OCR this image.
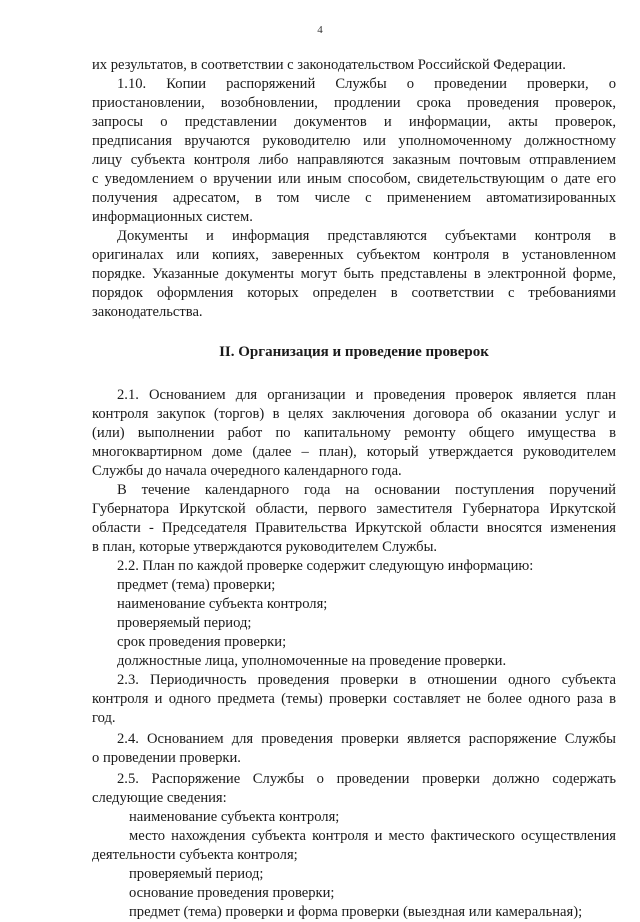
4
их результатов, в соответствии с законодательством Российской Федерации.
1.10. Копии распоряжений Службы о проведении проверки, о
приостановлении, возобновлении, продлении срока проведения проверок,
запросы о представлении документов и информации, акты проверок,
предписания вручаются руководителю или уполномоченному должностному
лицу субъекта контроля либо направляются заказным почтовым отправлением
с уведомлением о вручении или иным способом, свидетельствующим о дате его
получения адресатом, в том числе с применением автоматизированных
информационных систем.
Документы и информация представляются субъектами контроля в
оригиналах или копиях, заверенных субъектом контроля в установленном
порядке. Указанные документы могут быть представлены в электронной форме,
порядок оформления которых определен в соответствии с требованиями
законодательства.
II. Организация и проведение проверок
2.1. Основанием для организации и проведения проверок является план
контроля закупок (торгов) в целях заключения договора об оказании услуг и
(или) выполнении работ по капитальному ремонту общего имущества в
многоквартирном доме (далее – план), который утверждается руководителем
Службы до начала очередного календарного года.
В течение календарного года на основании поступления поручений
Губернатора Иркутской области, первого заместителя Губернатора Иркутской
области - Председателя Правительства Иркутской области вносятся изменения
в план, которые утверждаются руководителем Службы.
2.2. План по каждой проверке содержит следующую информацию:
предмет (тема) проверки;
наименование субъекта контроля;
проверяемый период;
срок проведения проверки;
должностные лица, уполномоченные на проведение проверки.
2.3. Периодичность проведения проверки в отношении одного субъекта
контроля и одного предмета (темы) проверки составляет не более одного раза в
год.
2.4. Основанием для проведения проверки является распоряжение Службы
о проведении проверки.
2.5. Распоряжение Службы о проведении проверки должно содержать
следующие сведения:
наименование субъекта контроля;
место нахождения субъекта контроля и место фактического осуществления
деятельности субъекта контроля;
проверяемый период;
основание проведения проверки;
предмет (тема) проверки и форма проверки (выездная или камеральная);
